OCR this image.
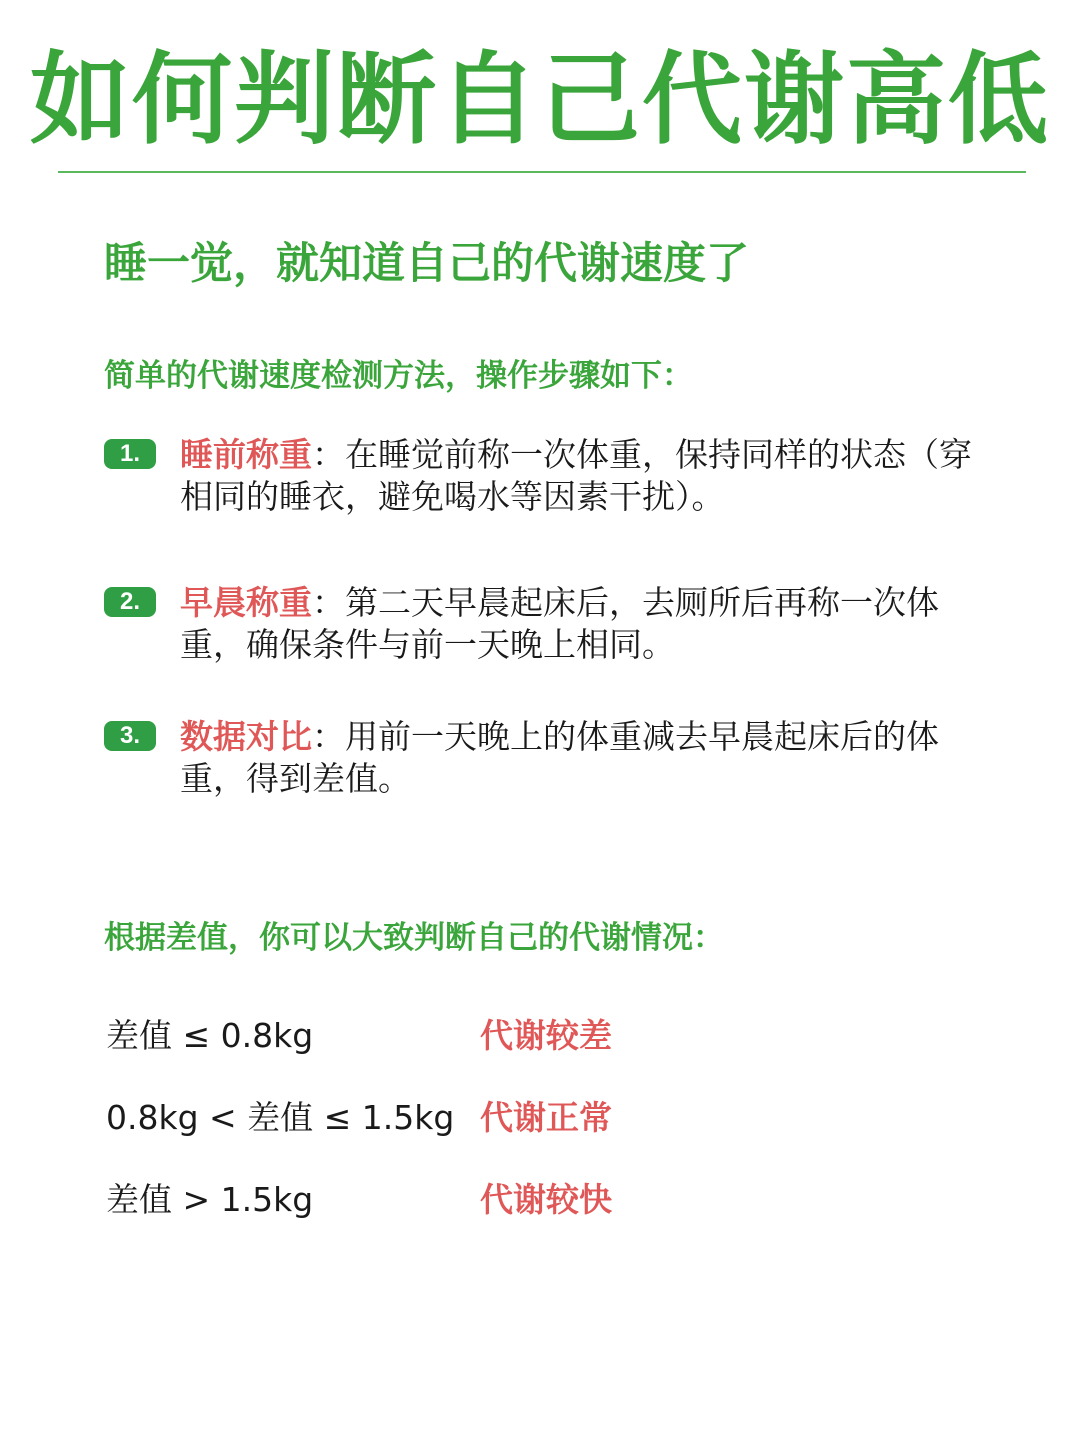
如何判断自己代谢高低
睡一觉，就知道自己的代谢速度了
简单的代谢速度检测方法，操作步骤如下：
1.	睡前称重：在睡觉前称一次体重，保持同样的状态（穿相同的睡衣，避免喝水等因素干扰）。
2.	早晨称重：第二天早晨起床后，去厕所后再称一次体重，确保条件与前一天晚上相同。
3.	数据对比：用前一天晚上的体重减去早晨起床后的体重，得到差值。
根据差值，你可以大致判断自己的代谢情况：
差值 ≤ 0.8kg	代谢较差
0.8kg < 差值 ≤ 1.5kg 代谢正常
差值 > 1.5kg	代谢较快
